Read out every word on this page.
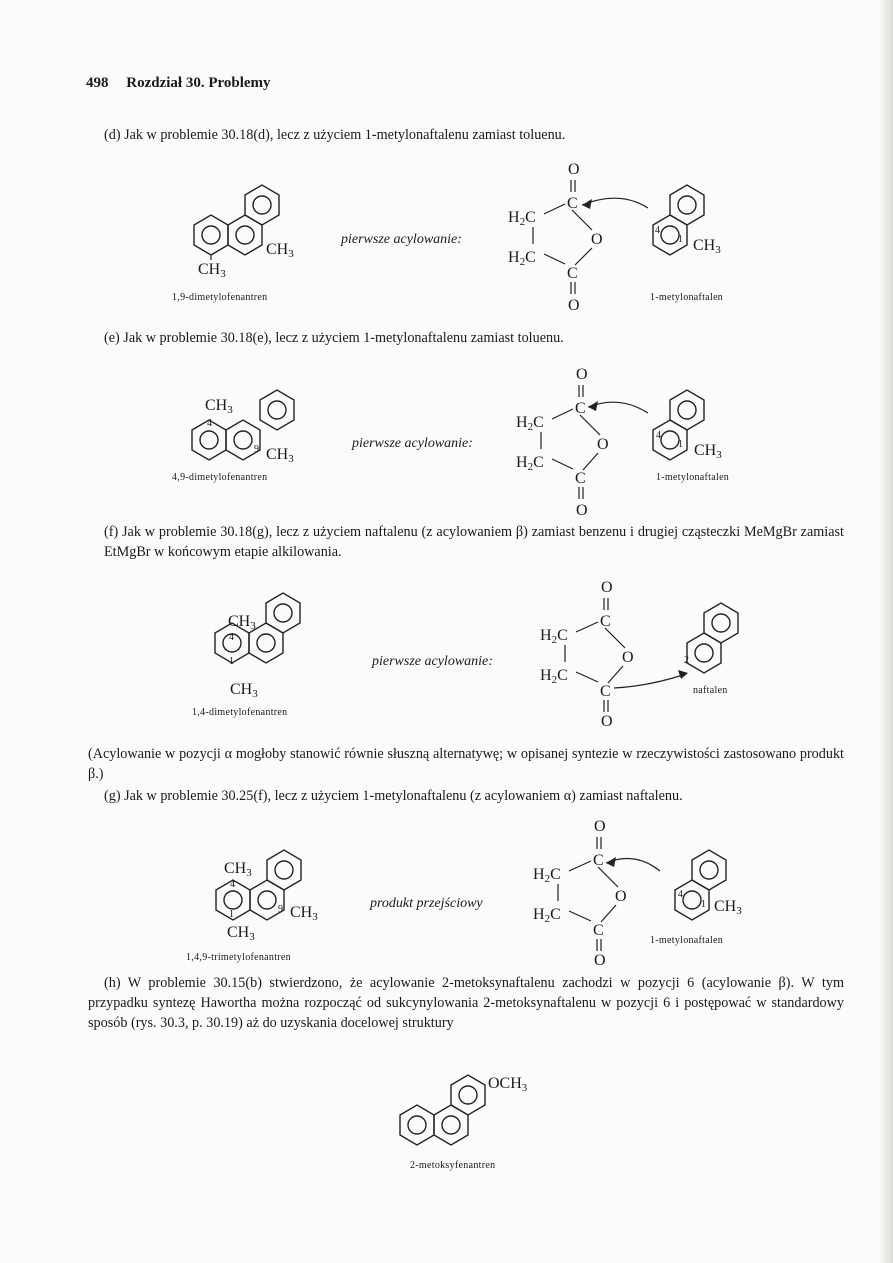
498 Rozdział 30. Problemy
(d) Jak w problemie 30.18(d), lecz z użyciem 1-metylonaftalenu zamiast toluenu.
CH3
CH3
1,9-dimetylofenantren
pierwsze acylowanie:
O
C
H2C
O
H2C
C
O
4
1 CH3
1-metylonaftalen
(e) Jak w problemie 30.18(e), lecz z użyciem 1-metylonaftalenu zamiast toluenu.
CH3
4
9 CH3
4,9-dimetylofenantren
pierwsze acylowanie:
O
C
H2C
O
H2C
C
O
4
1 CH3
1-metylonaftalen
(f) Jak w problemie 30.18(g), lecz z użyciem naftalenu (z acylowaniem β) zamiast benzenu i drugiej cząsteczki MeMgBr zamiast EtMgBr w końcowym etapie alkilowania.
CH3
4
1
CH3
1,4-dimetylofenantren
pierwsze acylowanie:
O
C
H2C
O
H2C
C
O
2
naftalen
(Acylowanie w pozycji α mogłoby stanowić równie słuszną alternatywę; w opisanej syntezie w rzeczywistości zastosowano produkt β.)
(g) Jak w problemie 30.25(f), lecz z użyciem 1-metylonaftalenu (z acylowaniem α) zamiast naftalenu.
CH3
4
1	9 CH3
CH3
1,4,9-trimetylofenantren
produkt przejściowy
O
C
H2C
O
H2C
C
O
4
1 CH3
1-metylonaftalen
(h) W problemie 30.15(b) stwierdzono, że acylowanie 2-metoksynaftalenu zachodzi w pozycji 6 (acylowanie β). W tym przypadku syntezę Hawortha można rozpocząć od sukcynylowania 2-metoksynaftalenu w pozycji 6 i postępować w standardowy sposób (rys. 30.3, p. 30.19) aż do uzyskania docelowej struktury
OCH3
2-metoksyfenantren
